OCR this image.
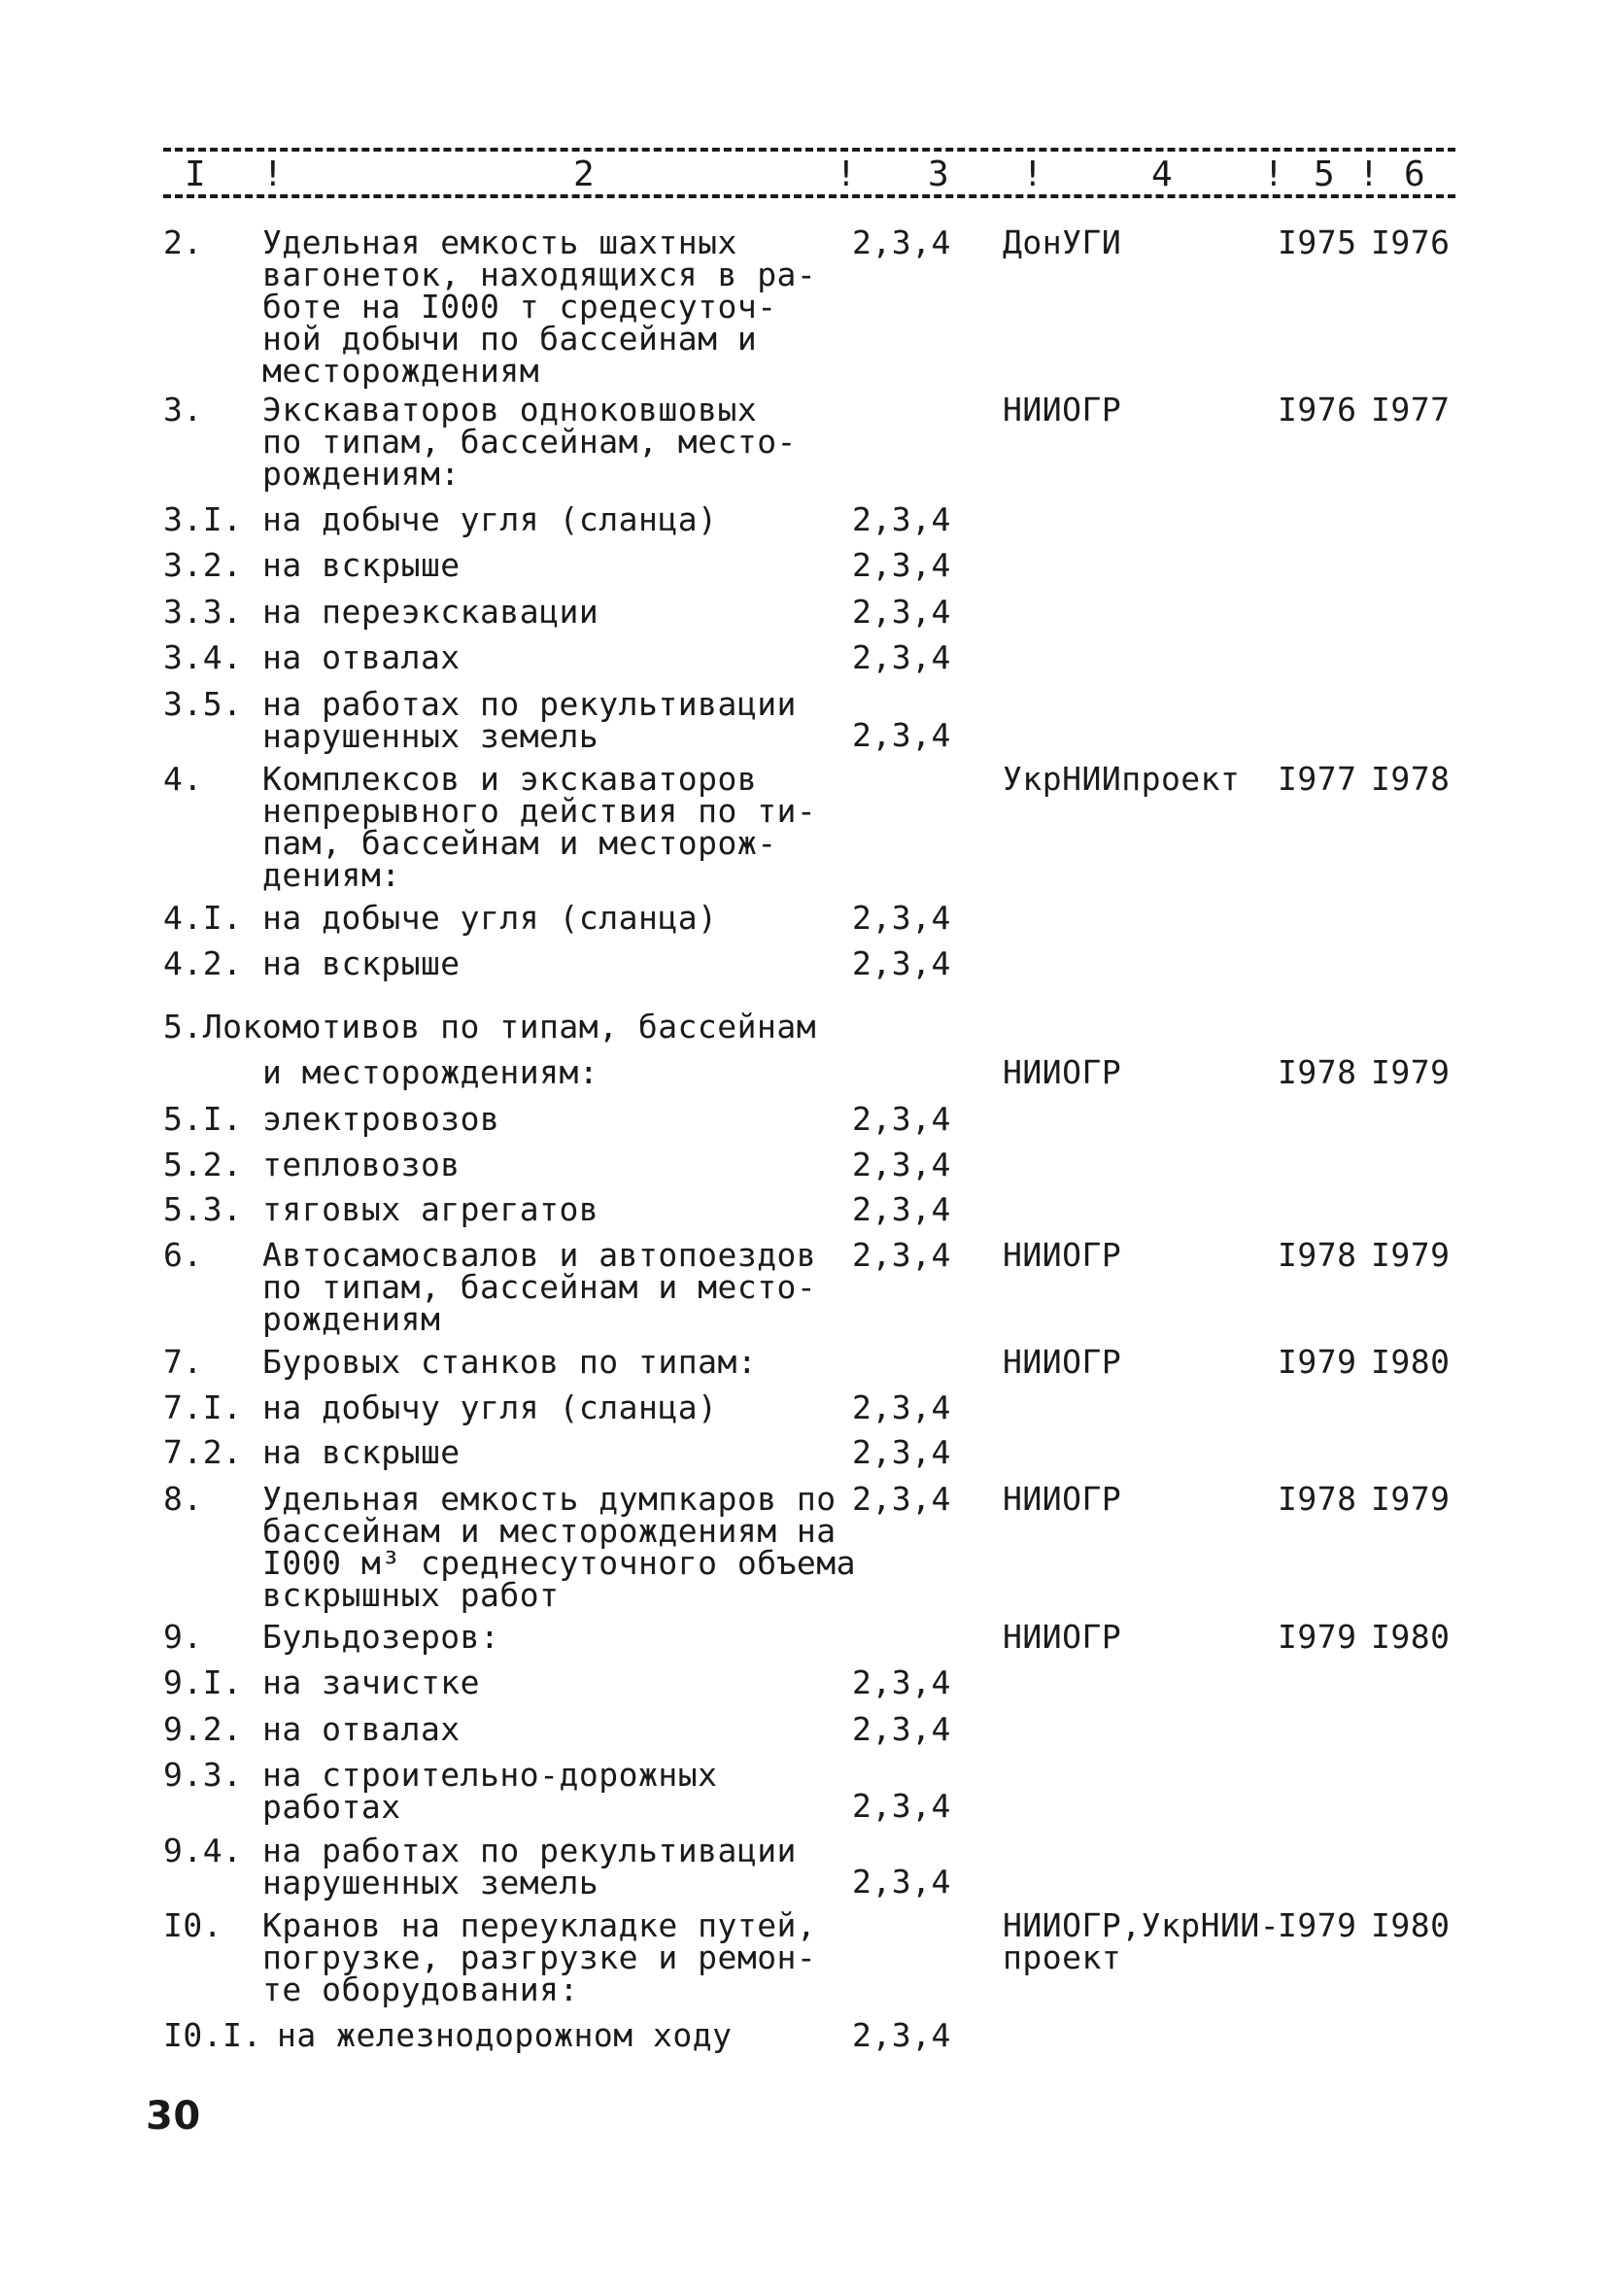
I !	2	! 3 !	4	! 5 ! 6
2. Удельная емкость шахтных
вагонеток, находящихся в ра-
боте на I000 т средесуточ-
ной добычи по бассейнам и
месторождениям
2,3,4 ДонУГИ	I975 I976
3. Экскаваторов одноковшовых
по типам, бассейнам, место-
рождениям:
НИИОГР	I976 I977
3.I. на добыче угля (сланца)	2,3,4
3.2. на вскрыше	2,3,4
3.3. на переэкскавации	2,3,4
3.4. на отвалах	2,3,4
3.5. на работах по рекультивации
нарушенных земель	2,3,4
4. Комплексов и экскаваторов
непрерывного действия по ти-
пам, бассейнам и месторож-
дениям:
УкрНИИпроект I977 I978
4.I. на добыче угля (сланца)	2,3,4
4.2. на вскрыше	2,3,4
5.Локомотивов по типам, бассейнам
и месторождениям:	НИИОГР	I978 I979
5.I. электровозов	2,3,4
5.2. тепловозов	2,3,4
5.3. тяговых агрегатов	2,3,4
6. Автосамосвалов и автопоездов
по типам, бассейнам и место-
рождениям
2,3,4 НИИОГР	I978 I979
7. Буровых станков по типам:	НИИОГР	I979 I980
7.I. на добычу угля (сланца)	2,3,4
7.2. на вскрыше	2,3,4
8. Удельная емкость думпкаров по
бассейнам и месторождениям на
I000 м³ среднесуточного объема
вскрышных работ
2,3,4 НИИОГР	I978 I979
9. Бульдозеров:	НИИОГР	I979 I980
9.I. на зачистке	2,3,4
9.2. на отвалах	2,3,4
9.3. на строительно-дорожных
работах	2,3,4
9.4. на работах по рекультивации
нарушенных земель	2,3,4
I0. Кранов на переукладке путей,
погрузке, разгрузке и ремон-
те оборудования:
НИИОГР,УкрНИИ-
проект
I979 I980
I0.I. на железнодорожном ходу	2,3,4
30
